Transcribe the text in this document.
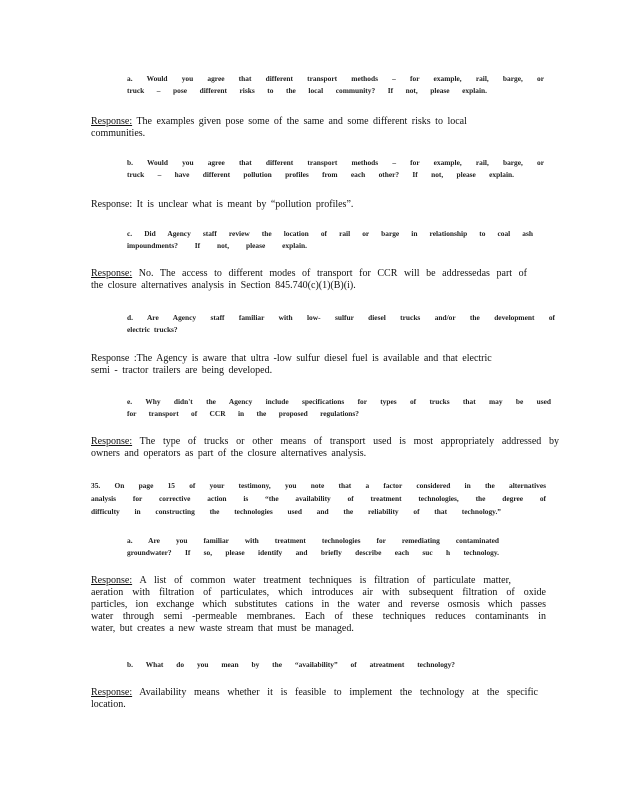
a. Would you agree that different transport methods – for example, rail, barge, or
truck – pose different risks to the local community? If not, please explain.
Response: The examples given pose some of the same and some different risks to local
communities.
b. Would you agree that different transport methods – for example, rail, barge, or
truck – have different pollution profiles from each other? If not, please explain.
Response: It is unclear what is meant by “pollution profiles”.
c. Did Agency staff review the location of rail or barge in relationship to coal ash
impoundments? If not, please explain.
Response: No. The access to different modes of transport for CCR will be addressedas part of
the closure alternatives analysis in Section 845.740(c)(1)(B)(i).
d. Are Agency staff familiar with low- sulfur diesel trucks and/or the development of
electric trucks?
Response :The Agency is aware that ultra -low sulfur diesel fuel is available and that electric
semi - tractor trailers are being developed.
e. Why didn't the Agency include specifications for types of trucks that may be used
for transport of CCR in the proposed regulations?
Response: The type of trucks or other means of transport used is most appropriately addressed by
owners and operators as part of the closure alternatives analysis.
35. On page 15 of your testimony, you note that a factor considered in the alternatives
analysis for corrective action is “the availability of treatment technologies, the degree of
difficulty in constructing the technologies used and the reliability of that technology.”
a. Are you familiar with treatment technologies for remediating contaminated
groundwater? If so, please identify and briefly describe each suc h technology.
Response: A list of common water treatment techniques is filtration of particulate matter,
aeration with filtration of particulates, which introduces air with subsequent filtration of oxide
particles, ion exchange which substitutes cations in the water and reverse osmosis which passes
water through semi -permeable membranes. Each of these techniques reduces contaminants in
water, but creates a new waste stream that must be managed.
b. What do you mean by the “availability” of atreatment technology?
Response: Availability means whether it is feasible to implement the technology at the specific
location.
